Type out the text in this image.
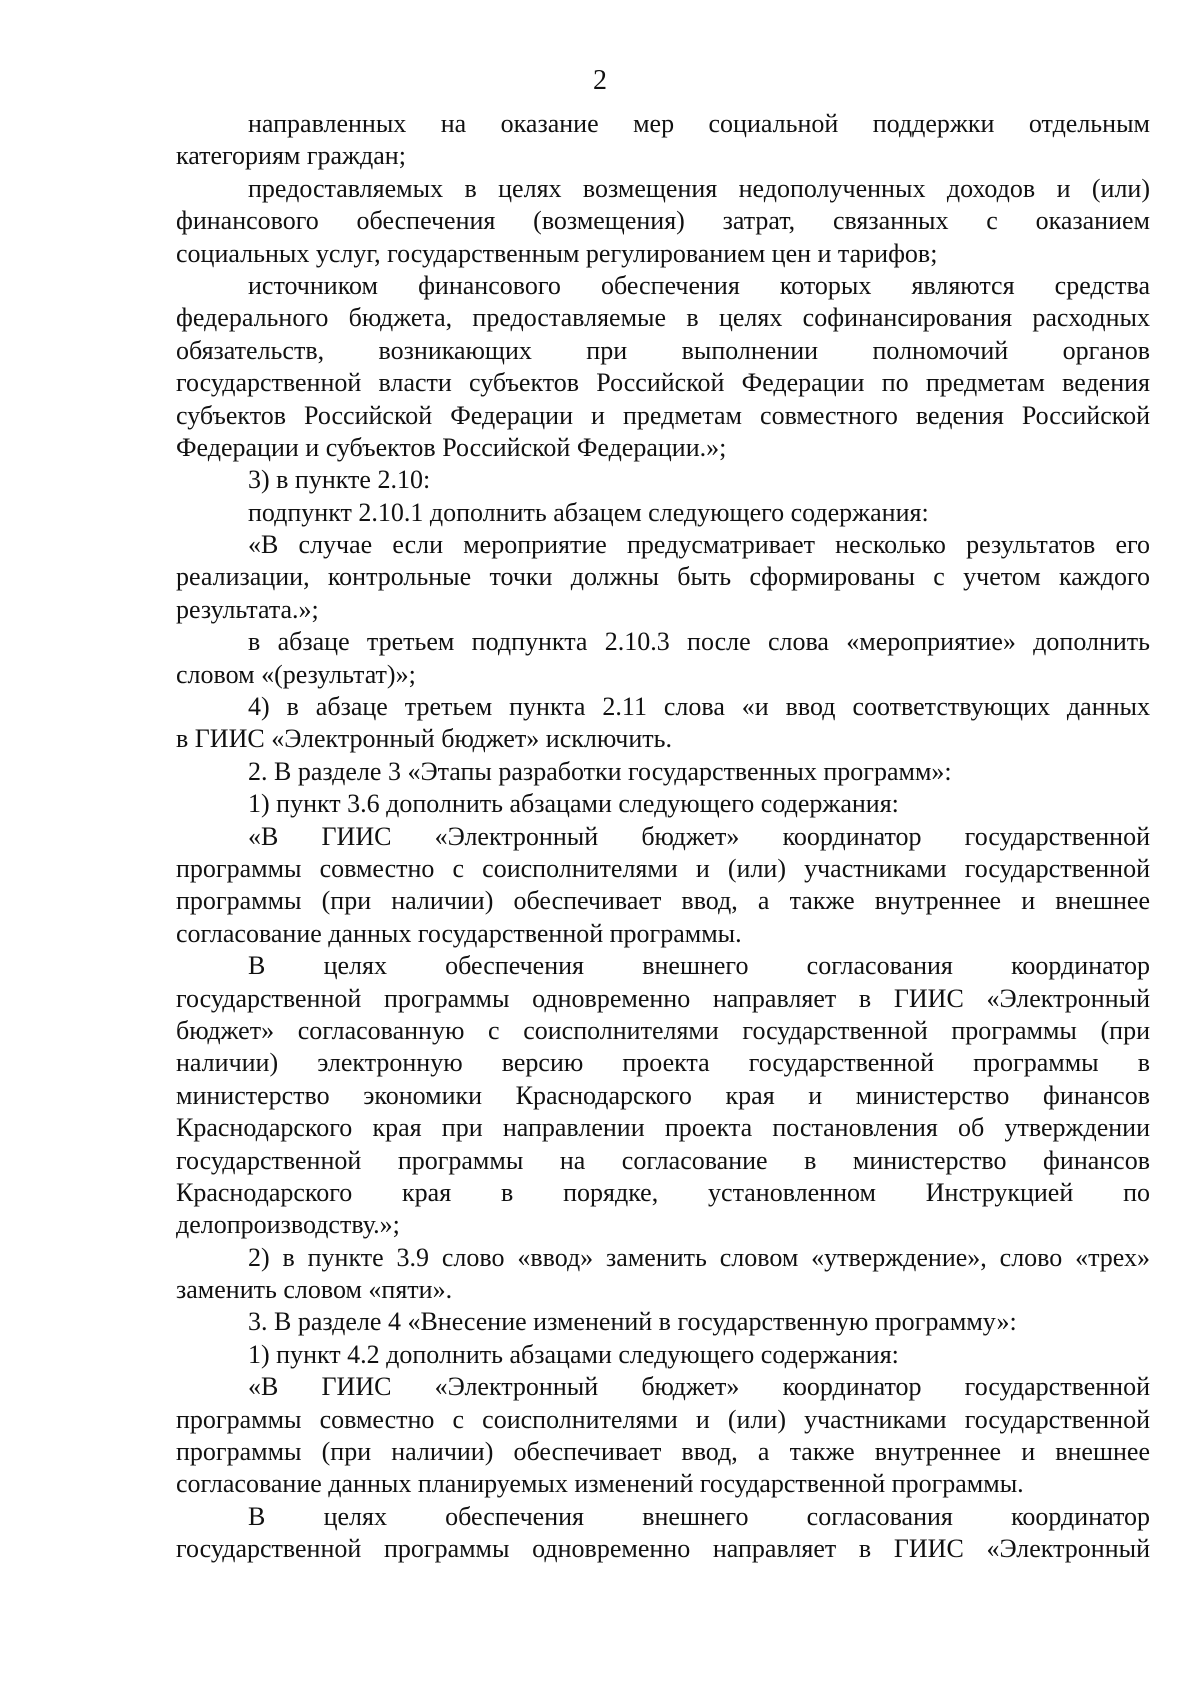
2
направленных на оказание мер социальной поддержки отдельным
категориям граждан;
предоставляемых в целях возмещения недополученных доходов и (или)
финансового обеспечения (возмещения) затрат, связанных с оказанием
социальных услуг, государственным регулированием цен и тарифов;
источником финансового обеспечения которых являются средства
федерального бюджета, предоставляемые в целях софинансирования расходных
обязательств, возникающих при выполнении полномочий органов
государственной власти субъектов Российской Федерации по предметам ведения
субъектов Российской Федерации и предметам совместного ведения Российской
Федерации и субъектов Российской Федерации.»;
3) в пункте 2.10:
подпункт 2.10.1 дополнить абзацем следующего содержания:
«В случае если мероприятие предусматривает несколько результатов его
реализации, контрольные точки должны быть сформированы с учетом каждого
результата.»;
в абзаце третьем подпункта 2.10.3 после слова «мероприятие» дополнить
словом «(результат)»;
4) в абзаце третьем пункта 2.11 слова «и ввод соответствующих данных
в ГИИС «Электронный бюджет» исключить.
2. В разделе 3 «Этапы разработки государственных программ»:
1) пункт 3.6 дополнить абзацами следующего содержания:
«В ГИИС «Электронный бюджет» координатор государственной
программы совместно с соисполнителями и (или) участниками государственной
программы (при наличии) обеспечивает ввод, а также внутреннее и внешнее
согласование данных государственной программы.
В целях обеспечения внешнего согласования координатор
государственной программы одновременно направляет в ГИИС «Электронный
бюджет» согласованную с соисполнителями государственной программы (при
наличии) электронную версию проекта государственной программы в
министерство экономики Краснодарского края и министерство финансов
Краснодарского края при направлении проекта постановления об утверждении
государственной программы на согласование в министерство финансов
Краснодарского края в порядке, установленном Инструкцией по
делопроизводству.»;
2) в пункте 3.9 слово «ввод» заменить словом «утверждение», слово «трех»
заменить словом «пяти».
3. В разделе 4 «Внесение изменений в государственную программу»:
1) пункт 4.2 дополнить абзацами следующего содержания:
«В ГИИС «Электронный бюджет» координатор государственной
программы совместно с соисполнителями и (или) участниками государственной
программы (при наличии) обеспечивает ввод, а также внутреннее и внешнее
согласование данных планируемых изменений государственной программы.
В целях обеспечения внешнего согласования координатор
государственной программы одновременно направляет в ГИИС «Электронный
